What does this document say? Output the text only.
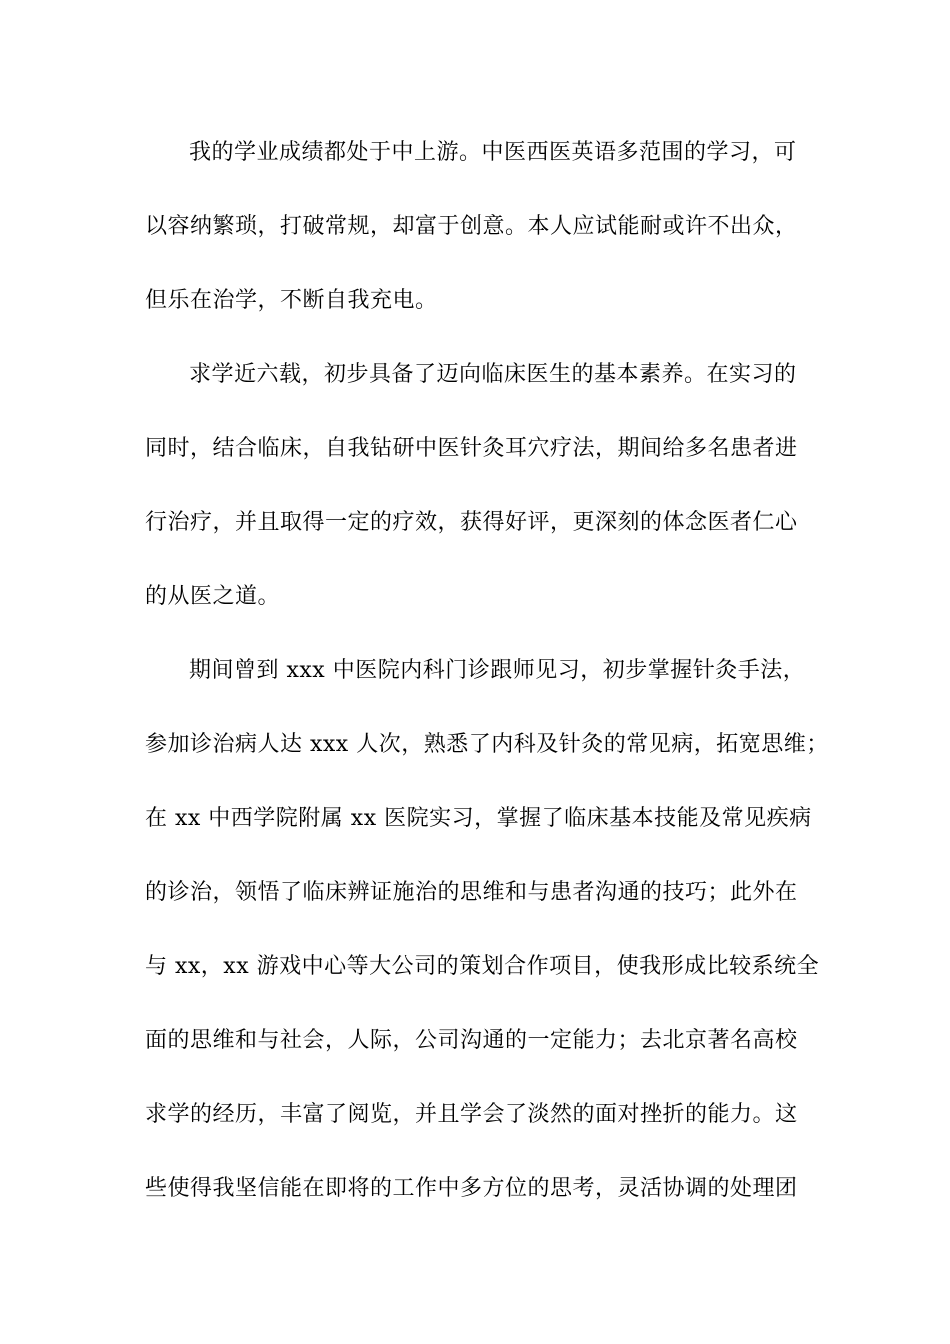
我的学业成绩都处于中上游。中医西医英语多范围的学习，可
以容纳繁琐，打破常规，却富于创意。本人应试能耐或许不出众，
但乐在治学，不断自我充电。
求学近六载，初步具备了迈向临床医生的基本素养。在实习的
同时，结合临床，自我钻研中医针灸耳穴疗法，期间给多名患者进
行治疗，并且取得一定的疗效，获得好评，更深刻的体念医者仁心
的从医之道。
期间曾到 xxx 中医院内科门诊跟师见习，初步掌握针灸手法，
参加诊治病人达 xxx 人次，熟悉了内科及针灸的常见病，拓宽思维；
在 xx 中西学院附属 xx 医院实习，掌握了临床基本技能及常见疾病
的诊治，领悟了临床辨证施治的思维和与患者沟通的技巧；此外在
与 xx，xx 游戏中心等大公司的策划合作项目，使我形成比较系统全
面的思维和与社会，人际，公司沟通的一定能力；去北京著名高校
求学的经历，丰富了阅览，并且学会了淡然的面对挫折的能力。这
些使得我坚信能在即将的工作中多方位的思考，灵活协调的处理团
